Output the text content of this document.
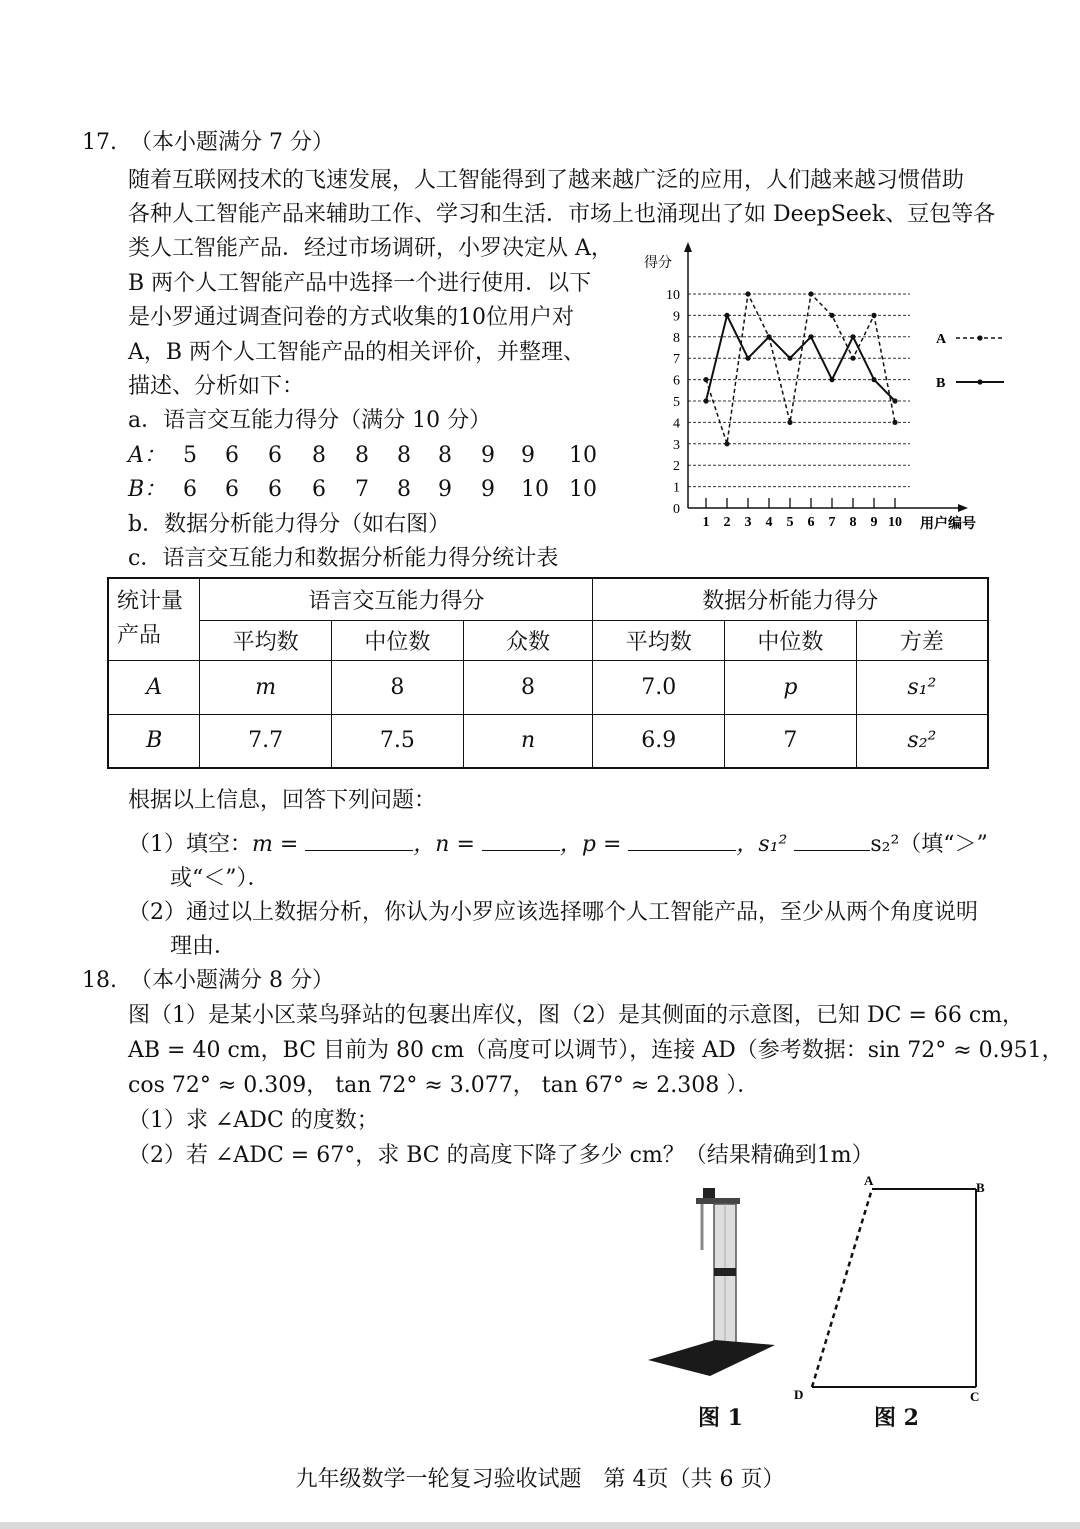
17. （本小题满分 7 分）
随着互联网技术的飞速发展，人工智能得到了越来越广泛的应用，人们越来越习惯借助
各种人工智能产品来辅助工作、学习和生活．市场上也涌现出了如 DeepSeek、豆包等各
类人工智能产品．经过市场调研，小罗决定从 A，
B 两个人工智能产品中选择一个进行使用．以下
是小罗通过调查问卷的方式收集的10位用户对
A，B 两个人工智能产品的相关评价，并整理、
描述、分析如下：
a．语言交互能力得分（满分 10 分）
A： 5 6 6 8 8 8 8 9 9 10
B： 6 6 6 6 7 8 9 9 10 10
b．数据分析能力得分（如右图）
c．语言交互能力和数据分析能力得分统计表
0
1
2
3
4
5
6
7
8
9
10
1 2 3 4 5 6 7 8 9 10
得分
用户编号
A
B
统计量
产品	语言交互能力得分			数据分析能力得分		
	平均数	中位数	众数	平均数	中位数	方差
A	m	8	8	7.0	p	s₁²
B	7.7	7.5	n	6.9	7	s₂²
根据以上信息，回答下列问题：
（1）填空：m =	，n =	，p =	，s₁²	s₂²（填“＞”
或“＜”）．
（2）通过以上数据分析，你认为小罗应该选择哪个人工智能产品，至少从两个角度说明
理由．
18. （本小题满分 8 分）
图（1）是某小区菜鸟驿站的包裹出库仪，图（2）是其侧面的示意图，已知 DC = 66 cm，
AB = 40 cm，BC 目前为 80 cm（高度可以调节），连接 AD（参考数据：sin 72° ≈ 0.951，
cos 72° ≈ 0.309， tan 72° ≈ 3.077， tan 67° ≈ 2.308 ）．
（1）求 ∠ADC 的度数；
（2）若 ∠ADC = 67°，求 BC 的高度下降了多少 cm？（结果精确到1m）
图 1
A	B
C
D
图 2
九年级数学一轮复习验收试题　第 4页（共 6 页）
